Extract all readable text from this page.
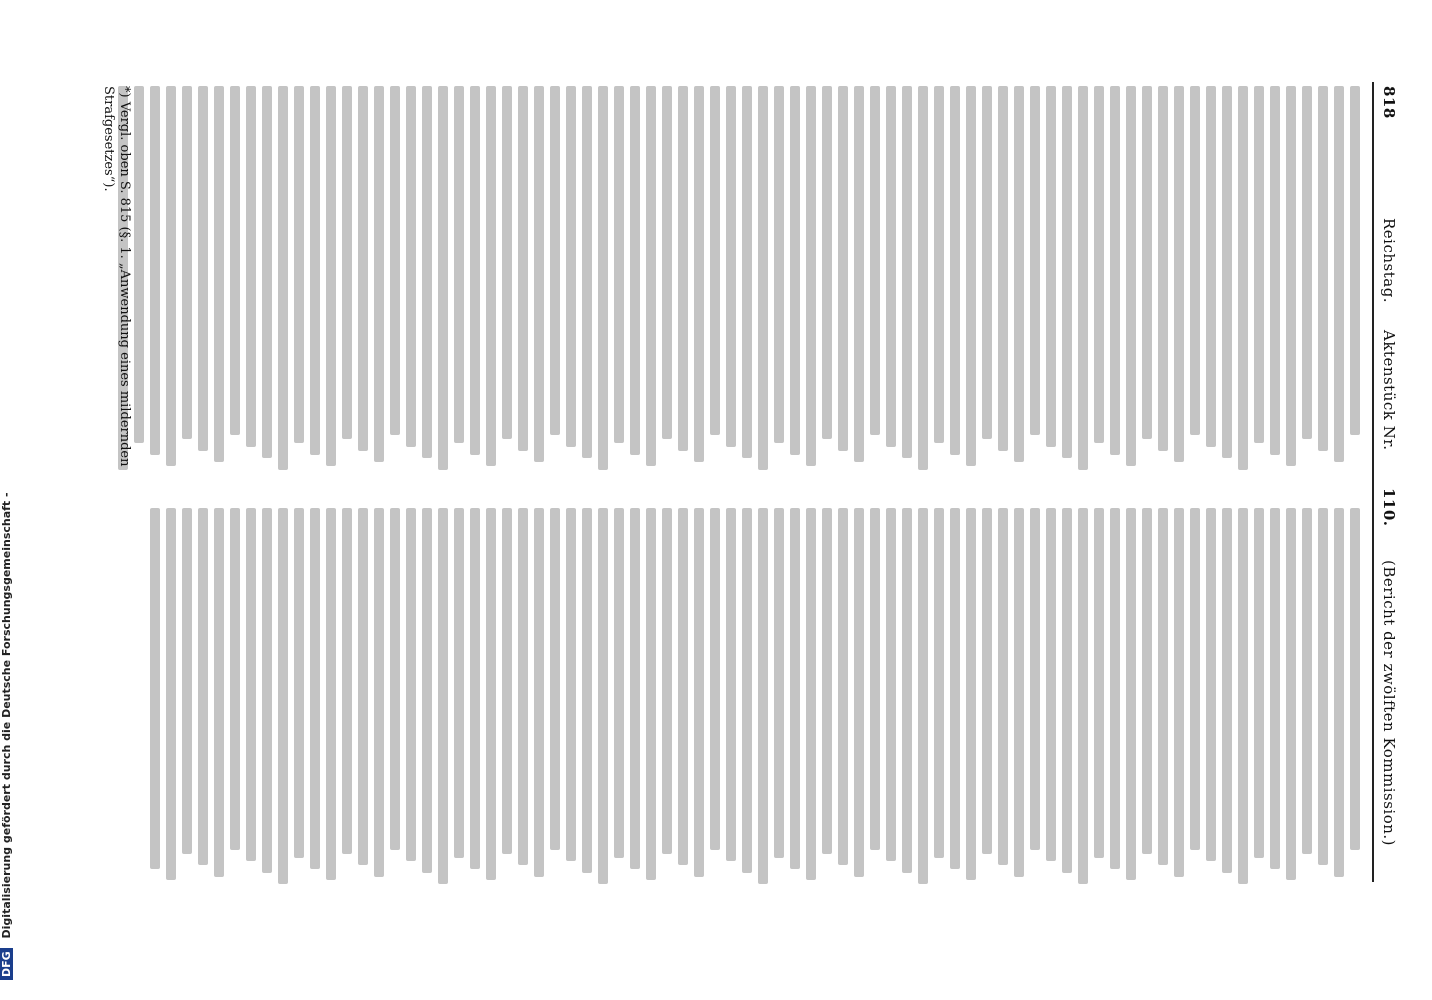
DFG Digitalisierung gefördert durch die Deutsche Forschungsgemeinschaft -
818
Reichstag.
Aktenstück Nr.
110.
(Bericht der zwölften Kommission.)
*) Vergl. oben S. 815 (§. 1. „Anwendung eines mildernden Strafgesetzes“).
